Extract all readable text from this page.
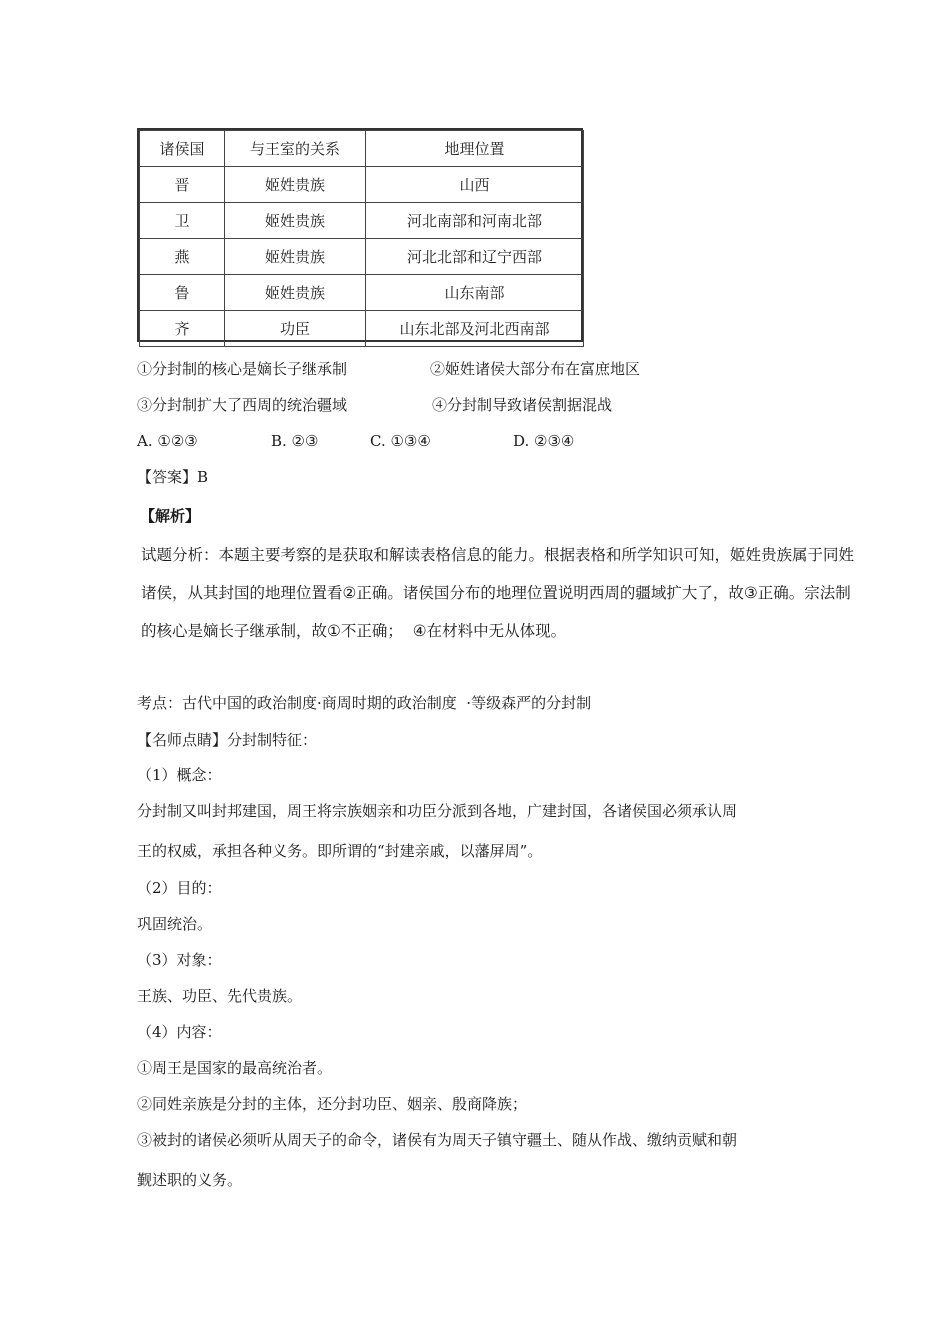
诸侯国	与王室的关系	地理位置
晋	姬姓贵族	山西
卫	姬姓贵族	河北南部和河南北部
燕	姬姓贵族	河北北部和辽宁西部
鲁	姬姓贵族	山东南部
齐	功臣	山东北部及河北西南部
①分封制的核心是嫡长子继承制	②姬姓诸侯大部分布在富庶地区
③分封制扩大了西周的统治疆域	④分封制导致诸侯割据混战
A. ①②③	B. ②③	C. ①③④	D. ②③④
【答案】B
【解析】
试题分析：本题主要考察的是获取和解读表格信息的能力。根据表格和所学知识可知，姬姓贵族属于同姓
诸侯，从其封国的地理位置看②正确。诸侯国分布的地理位置说明西周的疆域扩大了，故③正确。宗法制
的核心是嫡长子继承制，故①不正确；  ④在材料中无从体现。
考点：古代中国的政治制度·商周时期的政治制度  ·等级森严的分封制
【名师点睛】分封制特征：
（1）概念：
分封制又叫封邦建国，周王将宗族姻亲和功臣分派到各地，广建封国，各诸侯国必须承认周
王的权威，承担各种义务。即所谓的“封建亲戚，以藩屏周”。
（2）目的：
巩固统治。
（3）对象：
王族、功臣、先代贵族。
（4）内容：
①周王是国家的最高统治者。
②同姓亲族是分封的主体，还分封功臣、姻亲、殷商降族；
③被封的诸侯必须听从周天子的命令，诸侯有为周天子镇守疆土、随从作战、缴纳贡赋和朝
觐述职的义务。
